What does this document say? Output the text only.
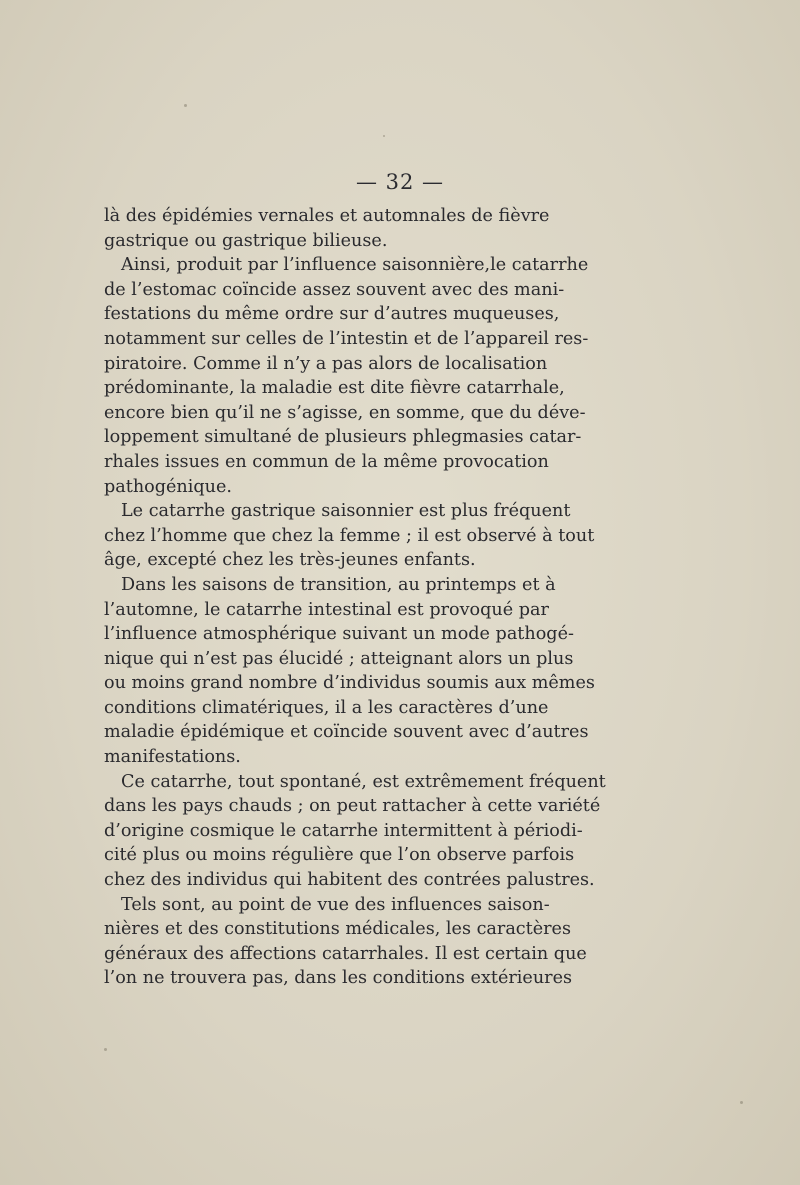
— 32 —
là des épidémies vernales et automnales de fièvre
gastrique ou gastrique bilieuse.
Ainsi, produit par l’influence saisonnière,le catarrhe
de l’estomac coïncide assez souvent avec des mani-
festations du même ordre sur d’autres muqueuses,
notamment sur celles de l’intestin et de l’appareil res-
piratoire. Comme il n’y a pas alors de localisation
prédominante, la maladie est dite fièvre catarrhale,
encore bien qu’il ne s’agisse, en somme, que du déve-
loppement simultané de plusieurs phlegmasies catar-
rhales issues en commun de la même provocation
pathogénique.
Le catarrhe gastrique saisonnier est plus fréquent
chez l’homme que chez la femme ; il est observé à tout
âge, excepté chez les très-jeunes enfants.
Dans les saisons de transition, au printemps et à
l’automne, le catarrhe intestinal est provoqué par
l’influence atmosphérique suivant un mode pathogé-
nique qui n’est pas élucidé ; atteignant alors un plus
ou moins grand nombre d’individus soumis aux mêmes
conditions climatériques, il a les caractères d’une
maladie épidémique et coïncide souvent avec d’autres
manifestations.
Ce catarrhe, tout spontané, est extrêmement fréquent
dans les pays chauds ; on peut rattacher à cette variété
d’origine cosmique le catarrhe intermittent à périodi-
cité plus ou moins régulière que l’on observe parfois
chez des individus qui habitent des contrées palustres.
Tels sont, au point de vue des influences saison-
nières et des constitutions médicales, les caractères
généraux des affections catarrhales. Il est certain que
l’on ne trouvera pas, dans les conditions extérieures
